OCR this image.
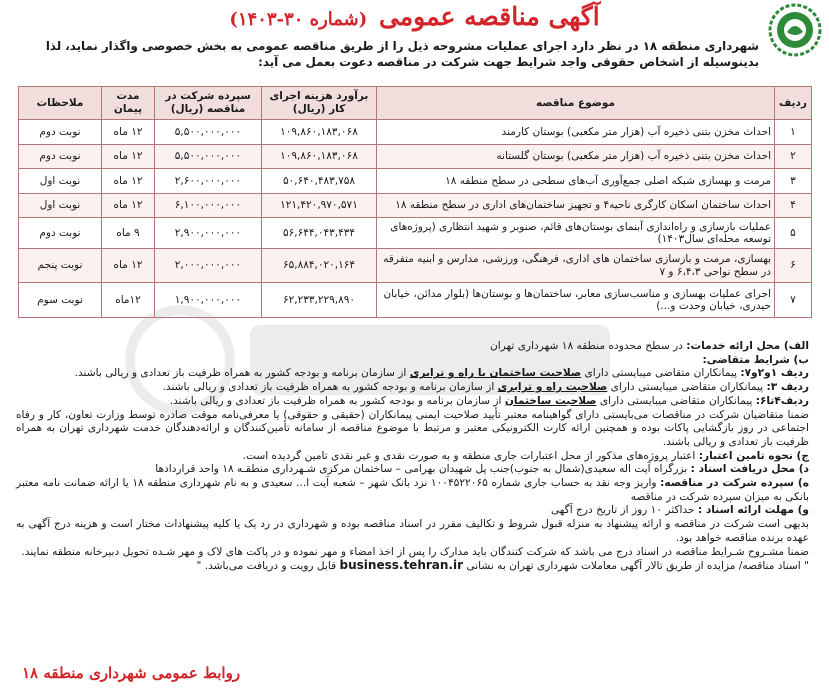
آگهی مناقصه عمومی (شماره ۳۰-۱۴۰۳)
شهرداری منطقه ۱۸ در نظر دارد اجرای عملیات مشروحه ذیل را از طریق مناقصه عمومی به بخش خصوصی واگذار نماید، لذا بدینوسیله از اشخاص حقوقی واجد شرایط جهت شرکت در مناقصه دعوت بعمل می آید:
ردیف	موضوع مناقصه	برآورد هزینه اجرای کار (ریال)	سپرده شرکت در مناقصه (ریال)	مدت پیمان	ملاحظات
۱	احداث مخزن بتنی ذخیره آب (هزار متر مکعبی) بوستان کارمند	۱۰۹,۸۶۰,۱۸۳,۰۶۸	۵,۵۰۰,۰۰۰,۰۰۰	۱۲ ماه	نوبت دوم
۲	احداث مخزن بتنی ذخیره آب (هزار متر مکعبی) بوستان گلستانه	۱۰۹,۸۶۰,۱۸۳,۰۶۸	۵,۵۰۰,۰۰۰,۰۰۰	۱۲ ماه	نوبت دوم
۳	مرمت و بهسازی شبکه اصلی جمع‌آوری آب‌های سطحی در سطح منطقه ۱۸	۵۰,۶۴۰,۴۸۳,۷۵۸	۲,۶۰۰,۰۰۰,۰۰۰	۱۲ ماه	نوبت اول
۴	احداث ساختمان اسکان کارگری ناحیه۴ و تجهیز ساختمان‌های اداری در سطح منطقه ۱۸	۱۲۱,۴۲۰,۹۷۰,۵۷۱	۶,۱۰۰,۰۰۰,۰۰۰	۱۲ ماه	نوبت اول
۵	عملیات بازسازی و راه‌اندازی آبنمای بوستان‌های قائم، صنوبر و شهید انتظاری (پروژه‌های توسعه محله‌ای سال۱۴۰۳)	۵۶,۶۴۴,۰۴۳,۴۳۴	۲,۹۰۰,۰۰۰,۰۰۰	۹ ماه	نوبت دوم
۶	بهسازی، مرمت و بازسازی ساختمان های اداری، فرهنگی، ورزشی، مدارس و ابنیه متفرقه در سطح نواحی ۶،۴،۳ و ۷	۶۵,۸۸۴,۰۲۰,۱۶۴	۲,۰۰۰,۰۰۰,۰۰۰	۱۲ ماه	نوبت پنجم
۷	اجرای عملیات بهسازی و مناسب‌سازی معابر، ساختمان‌ها و بوستان‌ها (بلوار مدائن، خیابان حیدری، خیابان وحدت و...)	۶۲,۲۳۳,۲۲۹,۸۹۰	۱,۹۰۰,۰۰۰,۰۰۰	۱۲ماه	نوبت سوم

الف) محل ارائه خدمات: در سطح محدوده منطقه ۱۸ شهرداری تهران

ب) شرایط متقاضی:

ردیف ۱و۲و۷: پیمانکاران متقاضی میبایستی دارای صلاحیت ساختمان یا راه و ترابری از سازمان برنامه و بودجه کشور به همراه ظرفیت باز تعدادی و ریالی باشند.

ردیف ۳: پیمانکاران متقاضی میبایستی دارای صلاحیت راه و ترابری از سازمان برنامه و بودجه کشور به همراه ظرفیت باز تعدادی و ریالی باشند.

ردیف۴تا۶: پیمانکاران متقاضی میبایستی دارای صلاحیت ساختمان از سازمان برنامه و بودجه کشور به همراه ظرفیت باز تعدادی و ریالی باشند.

ضمنا متقاضیان شرکت در مناقصات می‌بایستی دارای گواهینامه معتبر تأیید صلاحیت ایمنی پیمانکاران (حقیقی و حقوقی) یا معرفی‌نامه موقت صادره توسط وزارت تعاون، کار و رفاه اجتماعی در روز بازگشایی پاکات بوده و همچنین ارائه کارت الکترونیکی معتبر و مرتبط با موضوع مناقصه از سامانه تأمین‌کنندگان و ارائه‌دهندگان خدمت شهرداری تهران به همراه ظرفیت باز تعدادی و ریالی باشند.

ج) نحوه تامین اعتبار: اعتبار پروژه‌های مذکور از محل اعتبارات جاری منطقه و به صورت نقدی و غیر نقدی تامین گردیده است.

د) محل دریافت اسناد : بزرگراه آیت اله سعیدی(شمال به جنوب)جنب پل شهیدان بهرامی – ساختمان مرکزی شـهرداری منطقـه ۱۸ واحد قراردادها

ه) سپرده شرکت در مناقصه: واریز وجه نقد به حساب جاری شماره ۱۰۰۴۵۲۲۰۶۵ نزد بانک شهر – شعبه آیت ا... سعیدی و به نام شهرداری منطقه ۱۸ یا ارائه ضمانت نامه معتبر بانکی به میزان سپرده شرکت در مناقصه

و) مهلت ارائه اسناد : حداکثر ۱۰ روز از تاریخ درج آگهی

بدیهی است شرکت در مناقصه و ارائه پیشنهاد به منزله قبول شروط و تکالیف مقرر در اسناد مناقصه بوده و شهرداری در رد یک یا کلیه پیشنهادات مختار است و هزینه درج آگهی به عهده برنده مناقصه خواهد بود.

ضمنا مشـروح شـرایط مناقصه در اسناد درج می باشد که شرکت کنندگان باید مدارک را پس از اخذ امضاء و مهر نموده و در پاکت های لاک و مهر شـده تحویل دبیرخانه منطقه نمایند.

" اسناد مناقصه/ مزایده از طریق تالار آگهی معاملات شهرداری تهران به نشانی business.tehran.ir قابل رویت و دریافت می‌باشد. "

روابط عمومی شهرداری منطقه ۱۸
